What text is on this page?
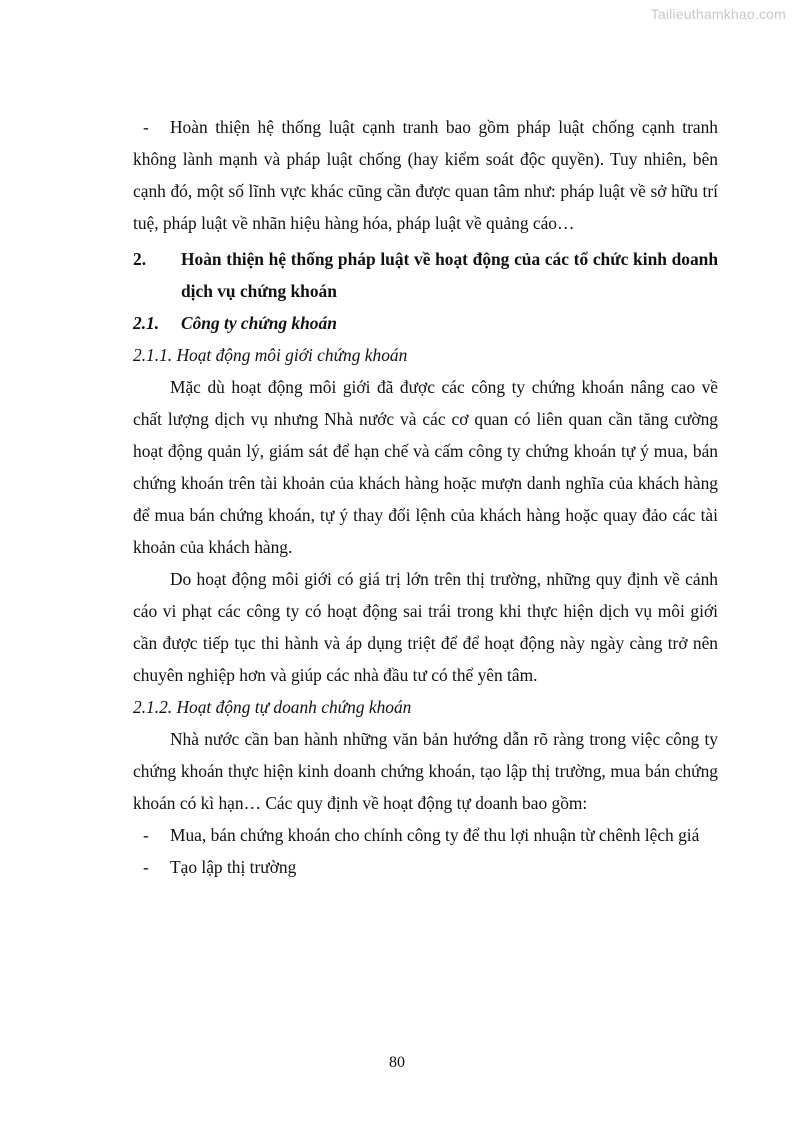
Tailieuthamkhao.com

- Hoàn thiện hệ thống luật cạnh tranh bao gồm pháp luật chống cạnh tranh không lành mạnh và pháp luật chống (hay kiểm soát độc quyền). Tuy nhiên, bên cạnh đó, một số lĩnh vực khác cũng cần được quan tâm như: pháp luật về sở hữu trí tuệ, pháp luật về nhãn hiệu hàng hóa, pháp luật về quảng cáo…

2.	Hoàn thiện hệ thống pháp luật về hoạt động của các tổ chức kinh doanh dịch vụ chứng khoán
2.1.	Công ty chứng khoán

2.1.1. Hoạt động môi giới chứng khoán

Mặc dù hoạt động môi giới đã được các công ty chứng khoán nâng cao về chất lượng dịch vụ nhưng Nhà nước và các cơ quan có liên quan cần tăng cường hoạt động quản lý, giám sát để hạn chế và cấm công ty chứng khoán tự ý mua, bán chứng khoán trên tài khoản của khách hàng hoặc mượn danh nghĩa của khách hàng để mua bán chứng khoán, tự ý thay đổi lệnh của khách hàng hoặc quay đảo các tài khoản của khách hàng.

Do hoạt động môi giới có giá trị lớn trên thị trường, những quy định về cảnh cáo vi phạt các công ty có hoạt động sai trái trong khi thực hiện dịch vụ môi giới cần được tiếp tục thi hành và áp dụng triệt để để hoạt động này ngày càng trở nên chuyên nghiệp hơn và giúp các nhà đầu tư có thể yên tâm.

2.1.2. Hoạt động tự doanh chứng khoán

Nhà nước cần ban hành những văn bản hướng dẫn rõ ràng trong việc công ty chứng khoán thực hiện kinh doanh chứng khoán, tạo lập thị trường, mua bán chứng khoán có kì hạn… Các quy định về hoạt động tự doanh bao gồm:

- Mua, bán chứng khoán cho chính công ty để thu lợi nhuận từ chênh lệch giá

- Tạo lập thị trường

80
